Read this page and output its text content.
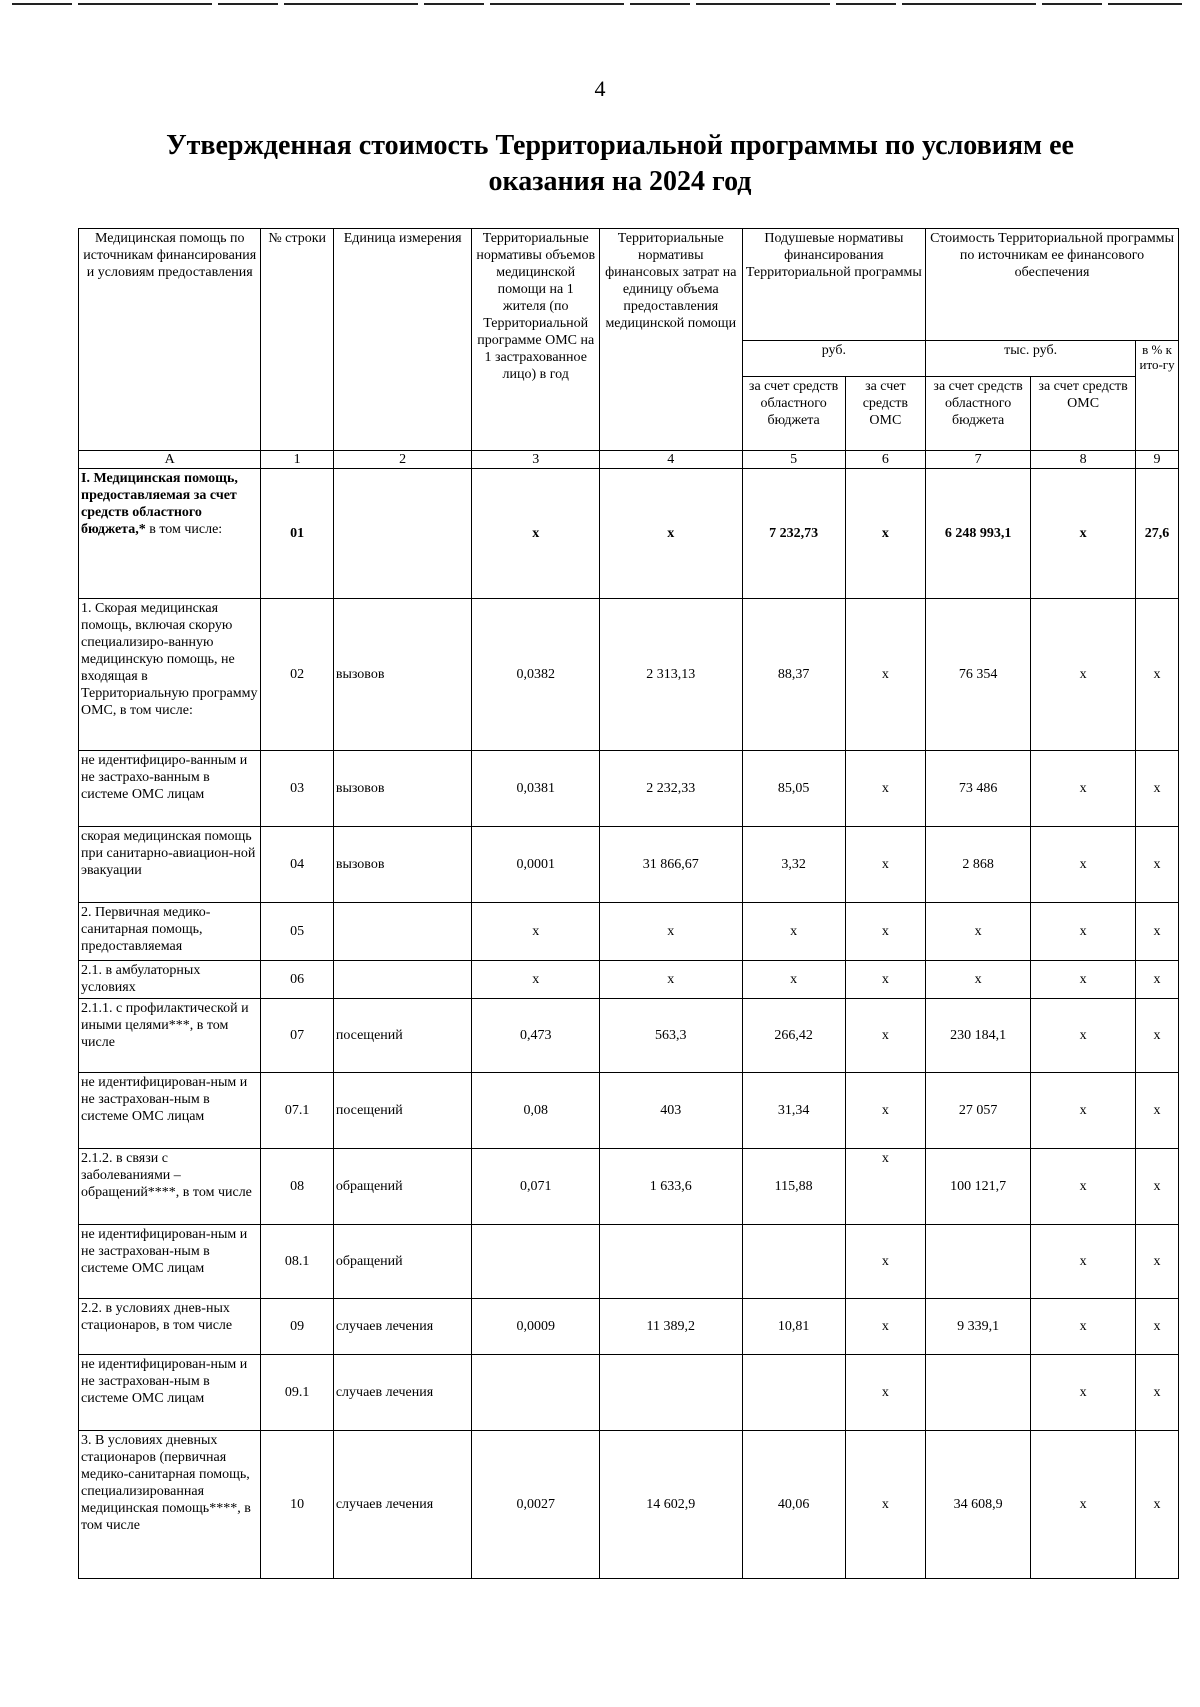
4
Утвержденная стоимость Территориальной программы по условиям ее оказания на 2024 год
Медицинская помощь по источникам финансирования и условиям предоставления	№ строки	Единица измерения	Территориальные нормативы объемов медицинской помощи на 1 жителя (по Территориальной программе ОМС на 1 застрахованное лицо) в год	Территориальные нормативы финансовых затрат на единицу объема предоставления медицинской помощи	Подушевые нормативы финансирования Территориальной программы		Стоимость Территориальной программы по источникам ее финансового обеспечения		
					руб.		тыс. руб.		в % к ито-гу
					за счет средств областного бюджета	за счет средств ОМС	за счет средств областного бюджета	за счет средств ОМС	
А	1	2	3	4	5	6	7	8	9
I. Медицинская помощь, предоставляемая за счет средств областного бюджета,* в том числе:	01		x	x	7 232,73	x	6 248 993,1	x	27,6
1. Скорая медицинская помощь, включая скорую специализиро-ванную медицинскую помощь, не входящая в Территориальную программу ОМС, в том числе:	02	вызовов	0,0382	2 313,13	88,37	x	76 354	x	x
не идентифициро-ванным и не застрахо-ванным в системе ОМС лицам	03	вызовов	0,0381	2 232,33	85,05	x	73 486	x	x
скорая медицинская помощь при санитарно-авиацион-ной эвакуации	04	вызовов	0,0001	31 866,67	3,32	x	2 868	x	x
2. Первичная медико-санитарная помощь, предоставляемая	05		x	x	x	x	x	x	x
2.1. в амбулаторных условиях	06		x	x	x	x	x	x	x
2.1.1. с профилактической и иными целями***, в том числе	07	посещений	0,473	563,3	266,42	x	230 184,1	x	x
не идентифицирован-ным и не застрахован-ным в системе ОМС лицам	07.1	посещений	0,08	403	31,34	x	27 057	x	x
2.1.2. в связи с заболеваниями – обращений****, в том числе	08	обращений	0,071	1 633,6	115,88	x	100 121,7	x	x
не идентифицирован-ным и не застрахован-ным в системе ОМС лицам	08.1	обращений				x		x	x
2.2. в условиях днев-ных стационаров, в том числе	09	случаев лечения	0,0009	11 389,2	10,81	x	9 339,1	x	x
не идентифицирован-ным и не застрахован-ным в системе ОМС лицам	09.1	случаев лечения				x		x	x
3. В условиях дневных стационаров (первичная медико-санитарная помощь, специализированная медицинская помощь****, в том числе	10	случаев лечения	0,0027	14 602,9	40,06	x	34 608,9	x	x
